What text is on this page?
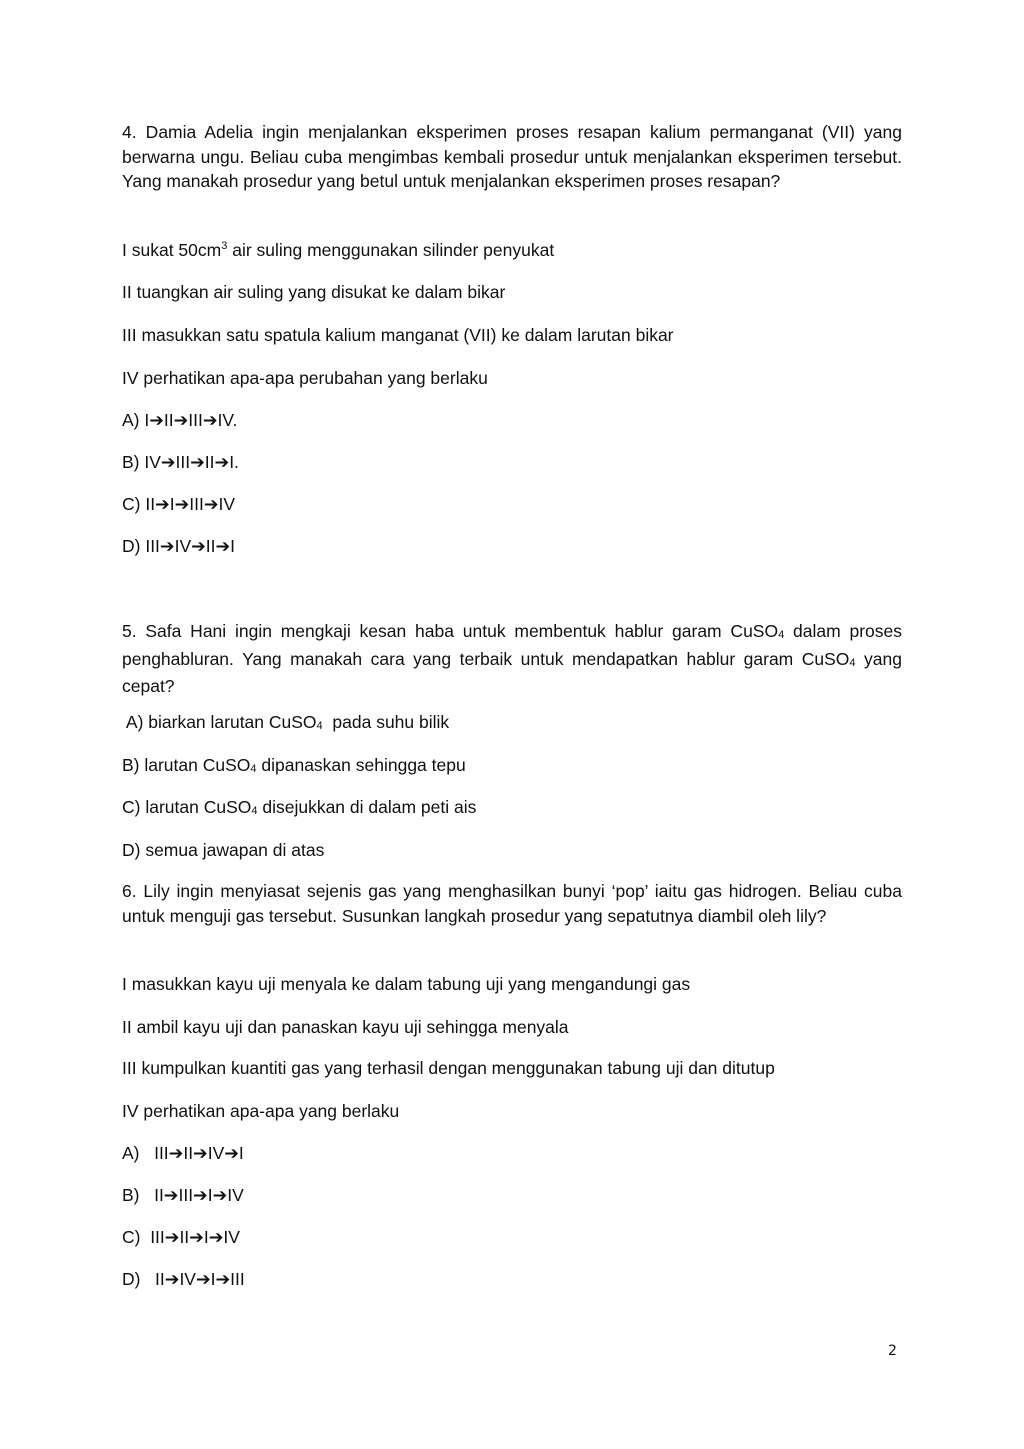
4. Damia Adelia ingin menjalankan eksperimen proses resapan kalium permanganat (VII) yang berwarna ungu. Beliau cuba mengimbas kembali prosedur untuk menjalankan eksperimen tersebut. Yang manakah prosedur yang betul untuk menjalankan eksperimen proses resapan?
I sukat $50cm^3$ air suling menggunakan silinder penyukat
II tuangkan air suling yang disukat ke dalam bikar
III masukkan satu spatula kalium manganat (VII) ke dalam larutan bikar
IV perhatikan apa-apa perubahan yang berlaku
A) I➔II➔III➔IV.
B) IV➔III➔II➔I.
C) II➔I➔III➔IV
D) III➔IV➔II➔I
5. Safa Hani ingin mengkaji kesan haba untuk membentuk hablur garam CuSO4 dalam proses penghabluran. Yang manakah cara yang terbaik untuk mendapatkan hablur garam CuSO4 yang cepat?
A) biarkan larutan CuSO4  pada suhu bilik
B) larutan CuSO4 dipanaskan sehingga tepu
C) larutan CuSO4 disejukkan di dalam peti ais
D) semua jawapan di atas
6. Lily ingin menyiasat sejenis gas yang menghasilkan bunyi ‘pop’ iaitu gas hidrogen. Beliau cuba untuk menguji gas tersebut. Susunkan langkah prosedur yang sepatutnya diambil oleh lily?
I masukkan kayu uji menyala ke dalam tabung uji yang mengandungi gas
II ambil kayu uji dan panaskan kayu uji sehingga menyala
III kumpulkan kuantiti gas yang terhasil dengan menggunakan tabung uji dan ditutup
IV perhatikan apa-apa yang berlaku
A)   III➔II➔IV➔I
B)   II➔III➔I➔IV
C)  III➔II➔I➔IV
D)   II➔IV➔I➔III
2
